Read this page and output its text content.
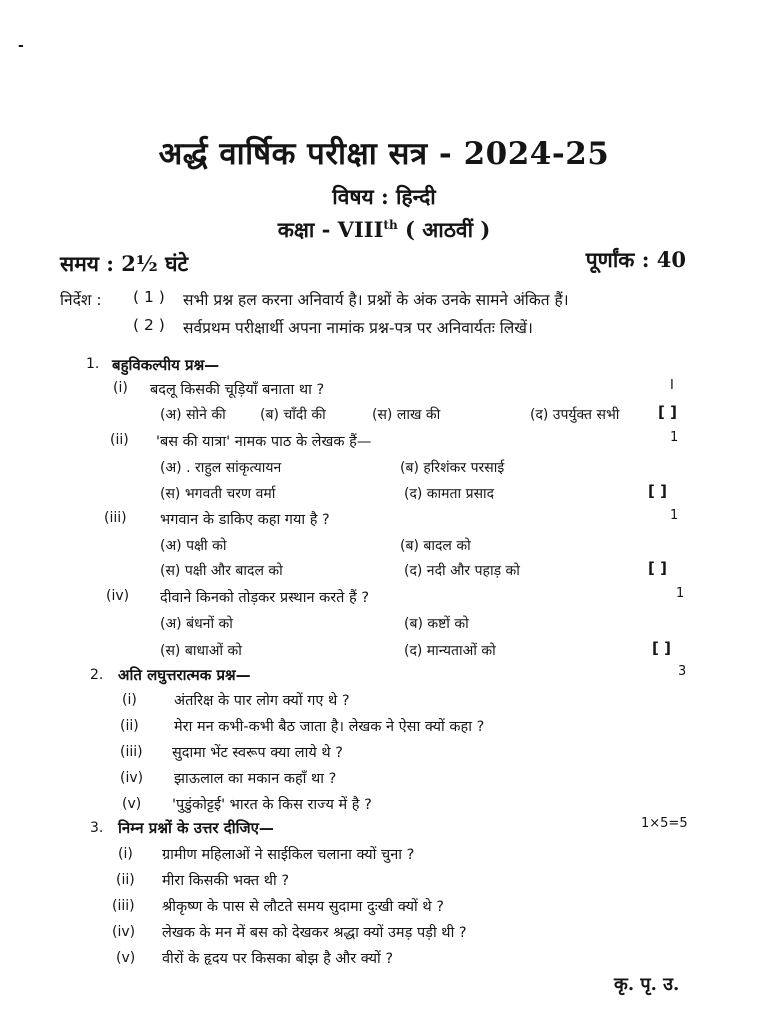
-
अर्द्ध वार्षिक परीक्षा सत्र - 2024-25
विषय : हिन्दी
कक्षा - VIIIth ( आठवीं )
समय : 2½ घंटे	पूर्णांक : 40
निर्देश : ( 1 ) सभी प्रश्न हल करना अनिवार्य है। प्रश्नों के अंक उनके सामने अंकित हैं।
( 2 ) सर्वप्रथम परीक्षार्थी अपना नामांक प्रश्न-पत्र पर अनिवार्यतः लिखें।
1. बहुविकल्पीय प्रश्न—
(i) बदलू किसकी चूड़ियाँ बनाता था ?	I
(अ) सोने की (ब) चाँदी की	(स) लाख की	(द) उपर्युक्त सभी	[ ]
(ii) 'बस की यात्रा' नामक पाठ के लेखक हैं—	1
(अ) . राहुल सांकृत्यायन	(ब) हरिशंकर परसाई
(स) भगवती चरण वर्मा	(द) कामता प्रसाद	[ ]
(iii) भगवान के डाकिए कहा गया है ?	1
(अ) पक्षी को	(ब) बादल को
(स) पक्षी और बादल को	(द) नदी और पहाड़ को	[ ]
(iv) दीवाने किनको तोड़कर प्रस्थान करते हैं ?	1
(अ) बंधनों को	(ब) कष्टों को
(स) बाधाओं को	(द) मान्यताओं को	[ ]
2. अति लघुत्तरात्मक प्रश्न—	3
(i)	अंतरिक्ष के पार लोग क्यों गए थे ?
(ii) मेरा मन कभी-कभी बैठ जाता है। लेखक ने ऐसा क्यों कहा ?
(iii) सुदामा भेंट स्वरूप क्या लाये थे ?
(iv) झाऊलाल का मकान कहाँ था ?
(v) 'पुडुंकोट्टई' भारत के किस राज्य में है ?
3. निम्न प्रश्नों के उत्तर दीजिए—	1×5=5
(i) ग्रामीण महिलाओं ने साईकिल चलाना क्यों चुना ?
(ii) मीरा किसकी भक्त थी ?
(iii) श्रीकृष्ण के पास से लौटते समय सुदामा दुःखी क्यों थे ?
(iv) लेखक के मन में बस को देखकर श्रद्धा क्यों उमड़ पड़ी थी ?
(v) वीरों के हृदय पर किसका बोझ है और क्यों ?
कृ. पृ. उ.
